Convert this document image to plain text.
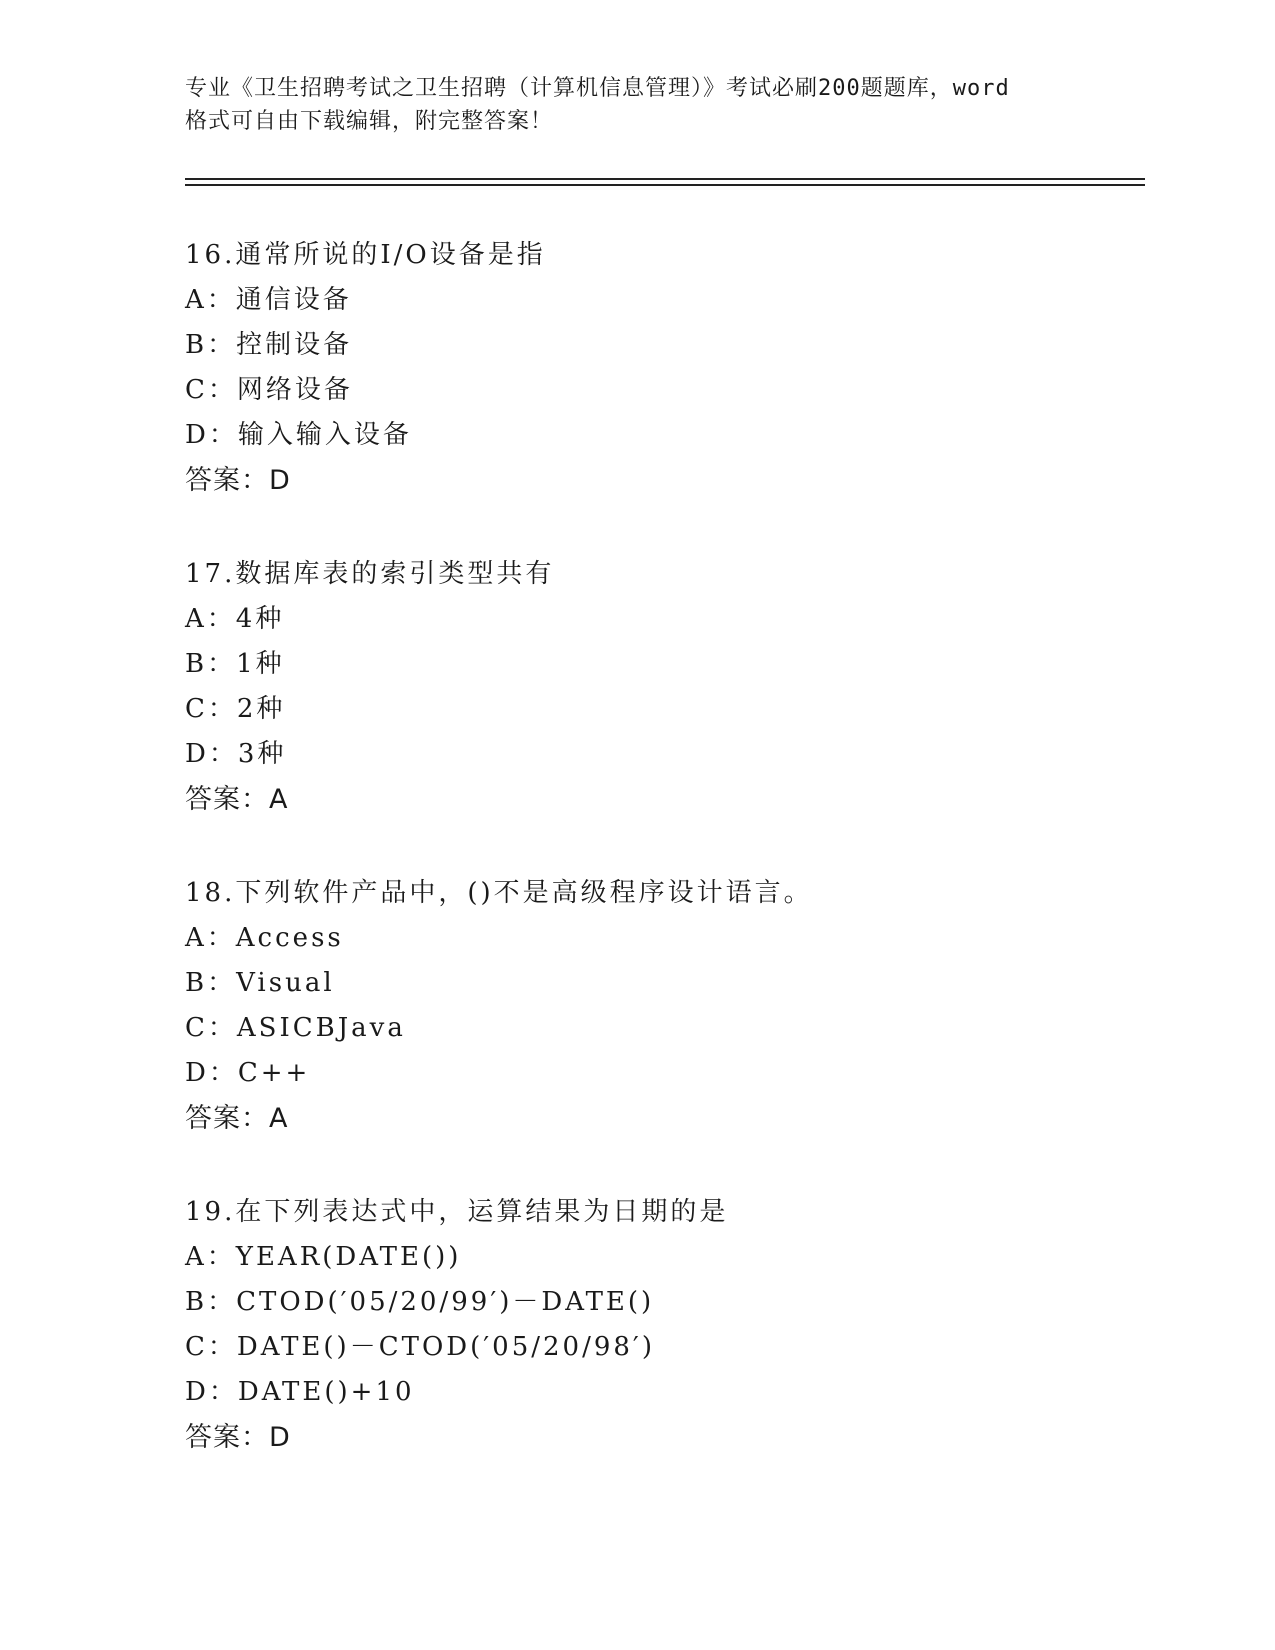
专业《卫生招聘考试之卫生招聘（计算机信息管理）》考试必刷200题题库，word
格式可自由下载编辑，附完整答案！
16.通常所说的I/O设备是指
A：通信设备
B：控制设备
C：网络设备
D：输入输入设备
答案：D
17.数据库表的索引类型共有
A：4种
B：1种
C：2种
D：3种
答案：A
18.下列软件产品中，()不是高级程序设计语言。
A：Access
B：Visual
C：ASICBJava
D：C++
答案：A
19.在下列表达式中，运算结果为日期的是
A：YEAR(DATE())
B：CTOD(′05/20/99′)－DATE()
C：DATE()－CTOD(′05/20/98′)
D：DATE()+10
答案：D
